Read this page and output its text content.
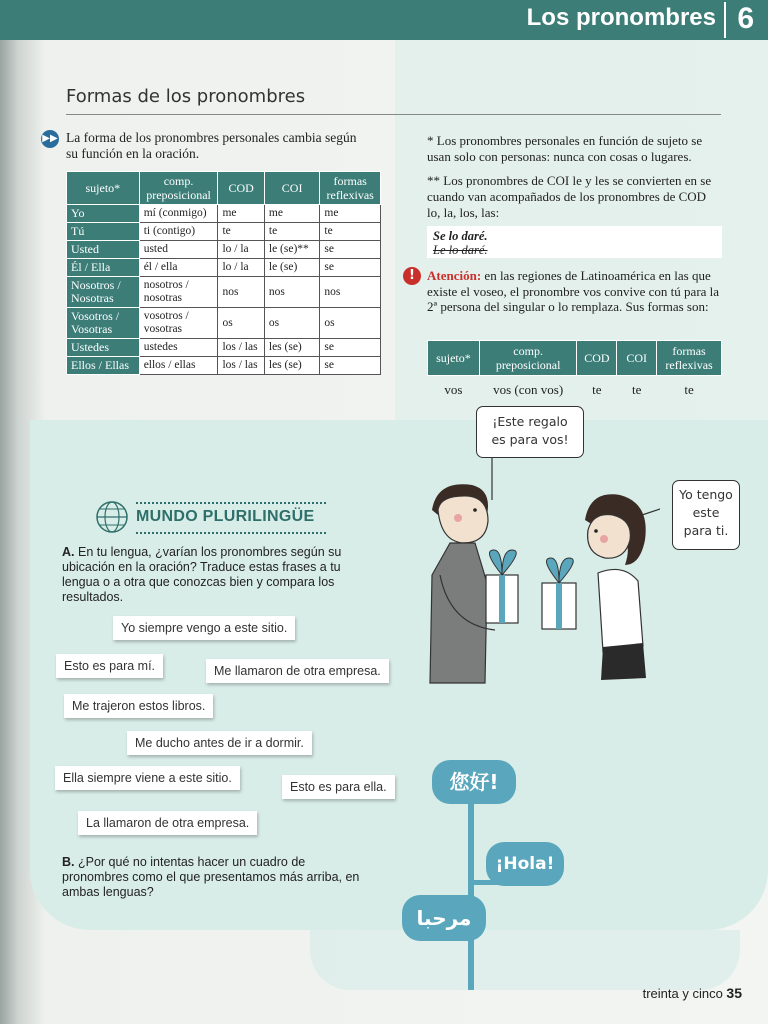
Los pronombres 6
Formas de los pronombres
▶▶ La forma de los pronombres personales cambia según su función en la oración.

sujeto*	comp. preposicional	COD	COI	formas reflexivas
Yo	mí (conmigo)	me	me	me
Tú	ti (contigo)	te	te	te
Usted	usted	lo / la	le (se)**	se
Él / Ella	él / ella	lo / la	le (se)	se
Nosotros / Nosotras	nosotros / nosotras	nos	nos	nos
Vosotros / Vosotras	vosotros / vosotras	os	os	os
Ustedes	ustedes	los / las	les (se)	se
Ellos / Ellas	ellos / ellas	los / las	les (se)	se
* Los pronombres personales en función de sujeto se usan solo con personas: nunca con cosas o lugares.
** Los pronombres de COI le y les se convierten en se cuando van acompañados de los pronombres de COD lo, la, los, las:
Se lo daré.
Le lo daré.
! Atención: en las regiones de Latinoamérica en las que existe el voseo, el pronombre vos convive con tú para la 2ª persona del singular o lo remplaza. Sus formas son:
sujeto*	comp. preposicional	COD	COI	formas reflexivas
vos	vos (con vos)	te	te	te
¡Este regalo es para vos!
Yo tengo este para ti.
MUNDO PLURILINGÜE
A. En tu lengua, ¿varían los pronombres según su ubicación en la oración? Traduce estas frases a tu lengua o a otra que conozcas bien y compara los resultados.
Yo siempre vengo a este sitio.
Esto es para mí.	Me llamaron de otra empresa.
Me trajeron estos libros.
Me ducho antes de ir a dormir.
Ella siempre viene a este sitio.
Esto es para ella.
La llamaron de otra empresa.
B. ¿Por qué no intentas hacer un cuadro de pronombres como el que presentamos más arriba, en ambas lenguas?
您好!
¡Hola!
مرحبا
treinta y cinco 35
